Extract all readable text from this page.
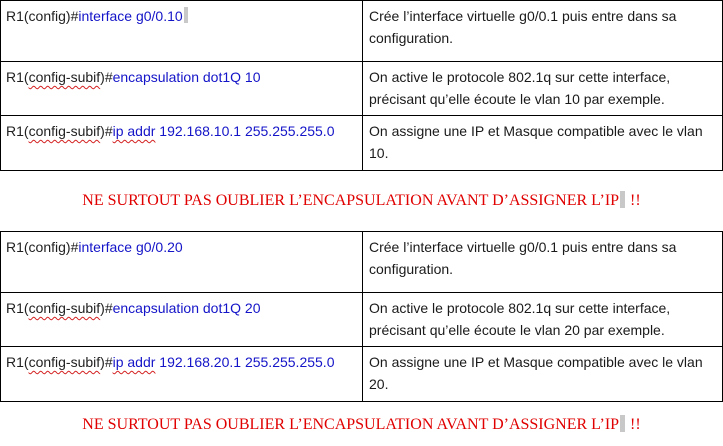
R1(config)#interface g0/0.10	Crée l’interface virtuelle g0/0.1 puis entre dans sa configuration.
R1(config-subif)#encapsulation dot1Q 10	On active le protocole 802.1q sur cette interface, précisant qu’elle écoute le vlan 10 par exemple.
R1(config-subif)#ip addr 192.168.10.1 255.255.255.0	On assigne une IP et Masque compatible avec le vlan 10.
NE SURTOUT PAS OUBLIER L’ENCAPSULATION AVANT D’ASSIGNER L’IP !!
R1(config)#interface g0/0.20	Crée l’interface virtuelle g0/0.1 puis entre dans sa configuration.
R1(config-subif)#encapsulation dot1Q 20	On active le protocole 802.1q sur cette interface, précisant qu’elle écoute le vlan 20 par exemple.
R1(config-subif)#ip addr 192.168.20.1 255.255.255.0	On assigne une IP et Masque compatible avec le vlan 20.
NE SURTOUT PAS OUBLIER L’ENCAPSULATION AVANT D’ASSIGNER L’IP !!
